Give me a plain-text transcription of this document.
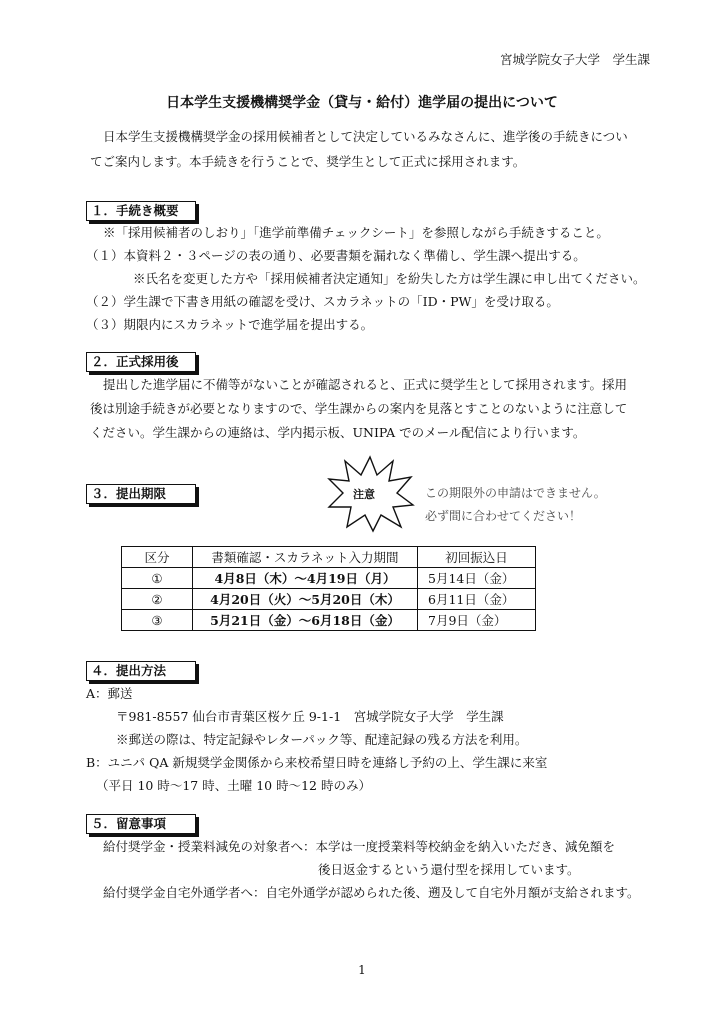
宮城学院女子大学　学生課
日本学生支援機構奨学金（貸与・給付）進学届の提出について
日本学生支援機構奨学金の採用候補者として決定しているみなさんに、進学後の手続きについ
てご案内します。本手続きを行うことで、奨学生として正式に採用されます。
１．手続き概要
※「採用候補者のしおり」「進学前準備チェックシート」を参照しながら手続きすること。
（１）本資料２・３ページの表の通り、必要書類を漏れなく準備し、学生課へ提出する。
※氏名を変更した方や「採用候補者決定通知」を紛失した方は学生課に申し出てください。
（２）学生課で下書き用紙の確認を受け、スカラネットの「ID・PW」を受け取る。
（３）期限内にスカラネットで進学届を提出する。
２．正式採用後
提出した進学届に不備等がないことが確認されると、正式に奨学生として採用されます。採用
後は別途手続きが必要となりますので、学生課からの案内を見落とすことのないように注意して
ください。学生課からの連絡は、学内掲示板、UNIPA でのメール配信により行います。
３．提出期限	注意	この期限外の申請はできません。
必ず間に合わせてください！
区分	書類確認・スカラネット入力期間	初回振込日
①	4月8日（木）〜4月19日（月）	5月14日（金）
②	4月20日（火）〜5月20日（木）	6月11日（金）
③	5月21日（金）〜6月18日（金）	7月9日（金）
４．提出方法
A：郵送
〒981-8557 仙台市青葉区桜ケ丘 9-1-1　宮城学院女子大学　学生課
※郵送の際は、特定記録やレターパック等、配達記録の残る方法を利用。
B：ユニパ QA 新規奨学金関係から来校希望日時を連絡し予約の上、学生課に来室
（平日 10 時〜17 時、土曜 10 時〜12 時のみ）
５．留意事項
給付奨学金・授業料減免の対象者へ：本学は一度授業料等校納金を納入いただき、減免額を
後日返金するという還付型を採用しています。
給付奨学金自宅外通学者へ：自宅外通学が認められた後、遡及して自宅外月額が支給されます。
1
